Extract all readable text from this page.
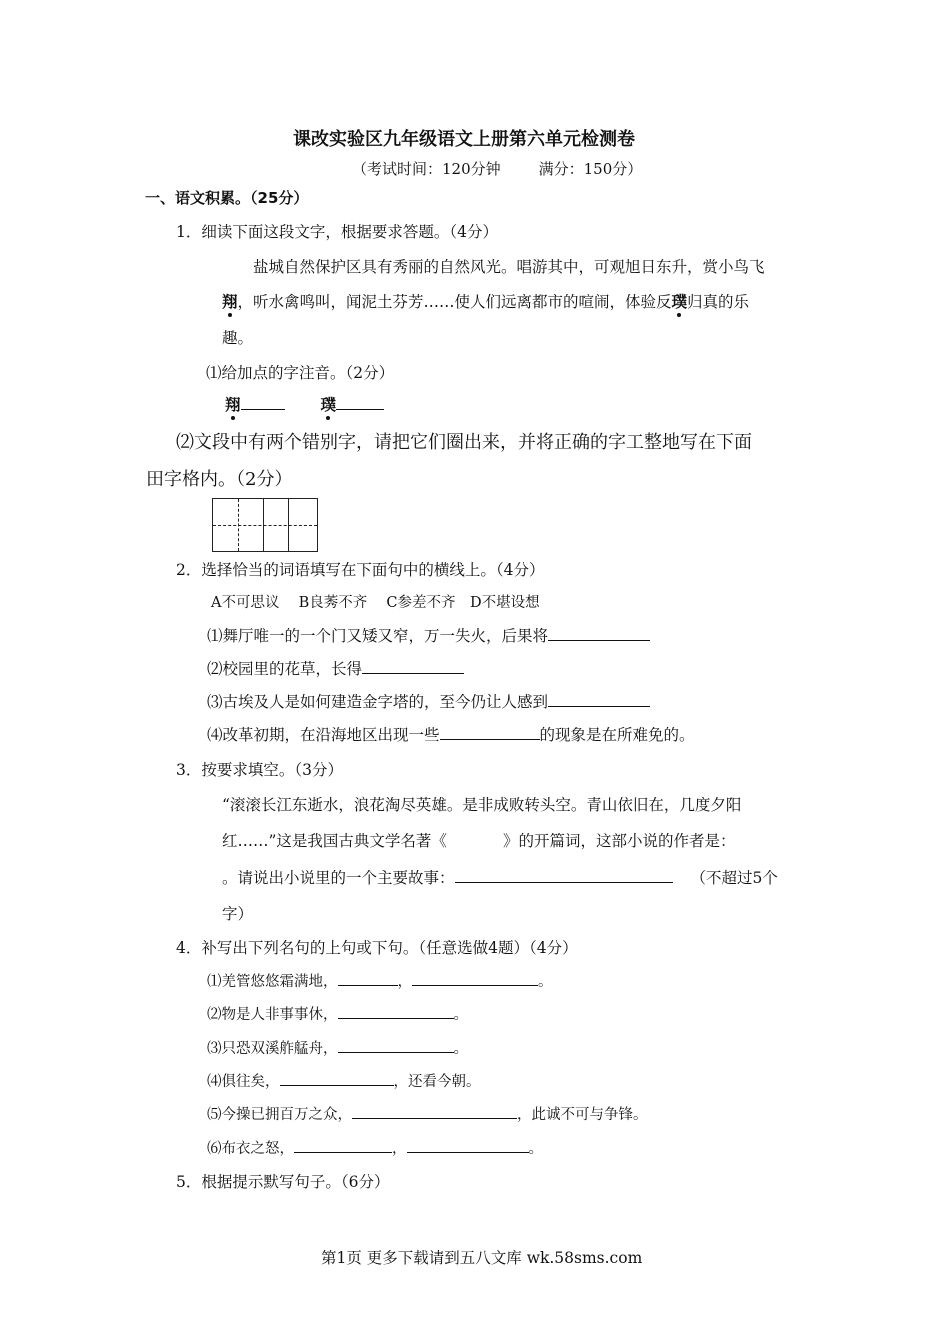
课改实验区九年级语文上册第六单元检测卷
（考试时间：120分钟	满分：150分）
一、语文积累。（25分）
1．细读下面这段文字，根据要求答题。（4分）
盐城自然保护区具有秀丽的自然风光。唱游其中，可观旭日东升，赏小鸟飞
翔，听水禽鸣叫，闻泥土芬芳……使人们远离都市的喧闹，体验反璞归真的乐
趣。
⑴给加点的字注音。（2分）
翔	璞
⑵文段中有两个错别字，请把它们圈出来，并将正确的字工整地写在下面
田字格内。（2分）
2．选择恰当的词语填写在下面句中的横线上。（4分）
A不可思议　 B良莠不齐　 C参差不齐　D不堪设想
⑴舞厅唯一的一个门又矮又窄，万一失火，后果将
⑵校园里的花草，长得
⑶古埃及人是如何建造金字塔的，至今仍让人感到
⑷改革初期，在沿海地区出现一些	的现象是在所难免的。
3．按要求填空。（3分）
“滚滚长江东逝水，浪花淘尽英雄。是非成败转头空。青山依旧在，几度夕阳
红……”这是我国古典文学名著《	》的开篇词，这部小说的作者是：
。请说出小说里的一个主要故事：	（不超过5个
字）
4．补写出下列名句的上句或下句。（任意选做4题）（4分）
⑴羌管悠悠霜满地，	，	。
⑵物是人非事事休，	。
⑶只恐双溪舴艋舟，	。
⑷俱往矣，	，还看今朝。
⑸今操已拥百万之众，	，此诚不可与争锋。
⑹布衣之怒，	，	。
5．根据提示默写句子。（6分）
第1页 更多下载请到五八文库 wk.58sms.com
